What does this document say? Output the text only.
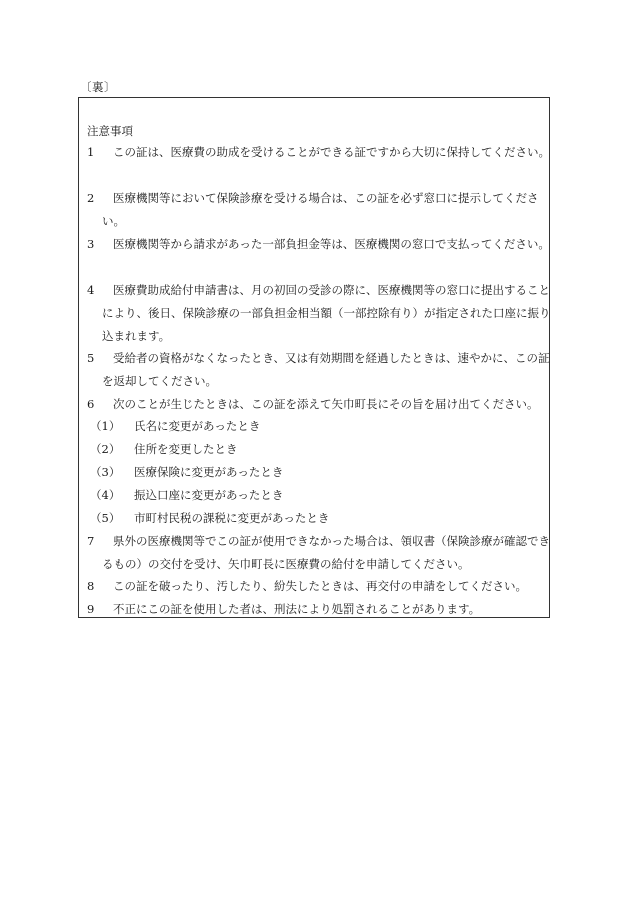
〔裏〕
注意事項
1	この証は、医療費の助成を受けることができる証ですから大切に保持してください。
2	医療機関等において保険診療を受ける場合は、この証を必ず窓口に提示してください。
3	医療機関等から請求があった一部負担金等は、医療機関の窓口で支払ってください。
4	医療費助成給付申請書は、月の初回の受診の際に、医療機関等の窓口に提出することにより、後日、保険診療の一部負担金相当額（一部控除有り）が指定された口座に振り込まれます。
5	受給者の資格がなくなったとき、又は有効期間を経過したときは、速やかに、この証を返却してください。
6	次のことが生じたときは、この証を添えて矢巾町長にその旨を届け出てください。
（1） 氏名に変更があったとき
（2） 住所を変更したとき
（3） 医療保険に変更があったとき
（4） 振込口座に変更があったとき
（5） 市町村民税の課税に変更があったとき
7	県外の医療機関等でこの証が使用できなかった場合は、領収書（保険診療が確認できるもの）の交付を受け、矢巾町長に医療費の給付を申請してください。
8	この証を破ったり、汚したり、紛失したときは、再交付の申請をしてください。
9	不正にこの証を使用した者は、刑法により処罰されることがあります。
